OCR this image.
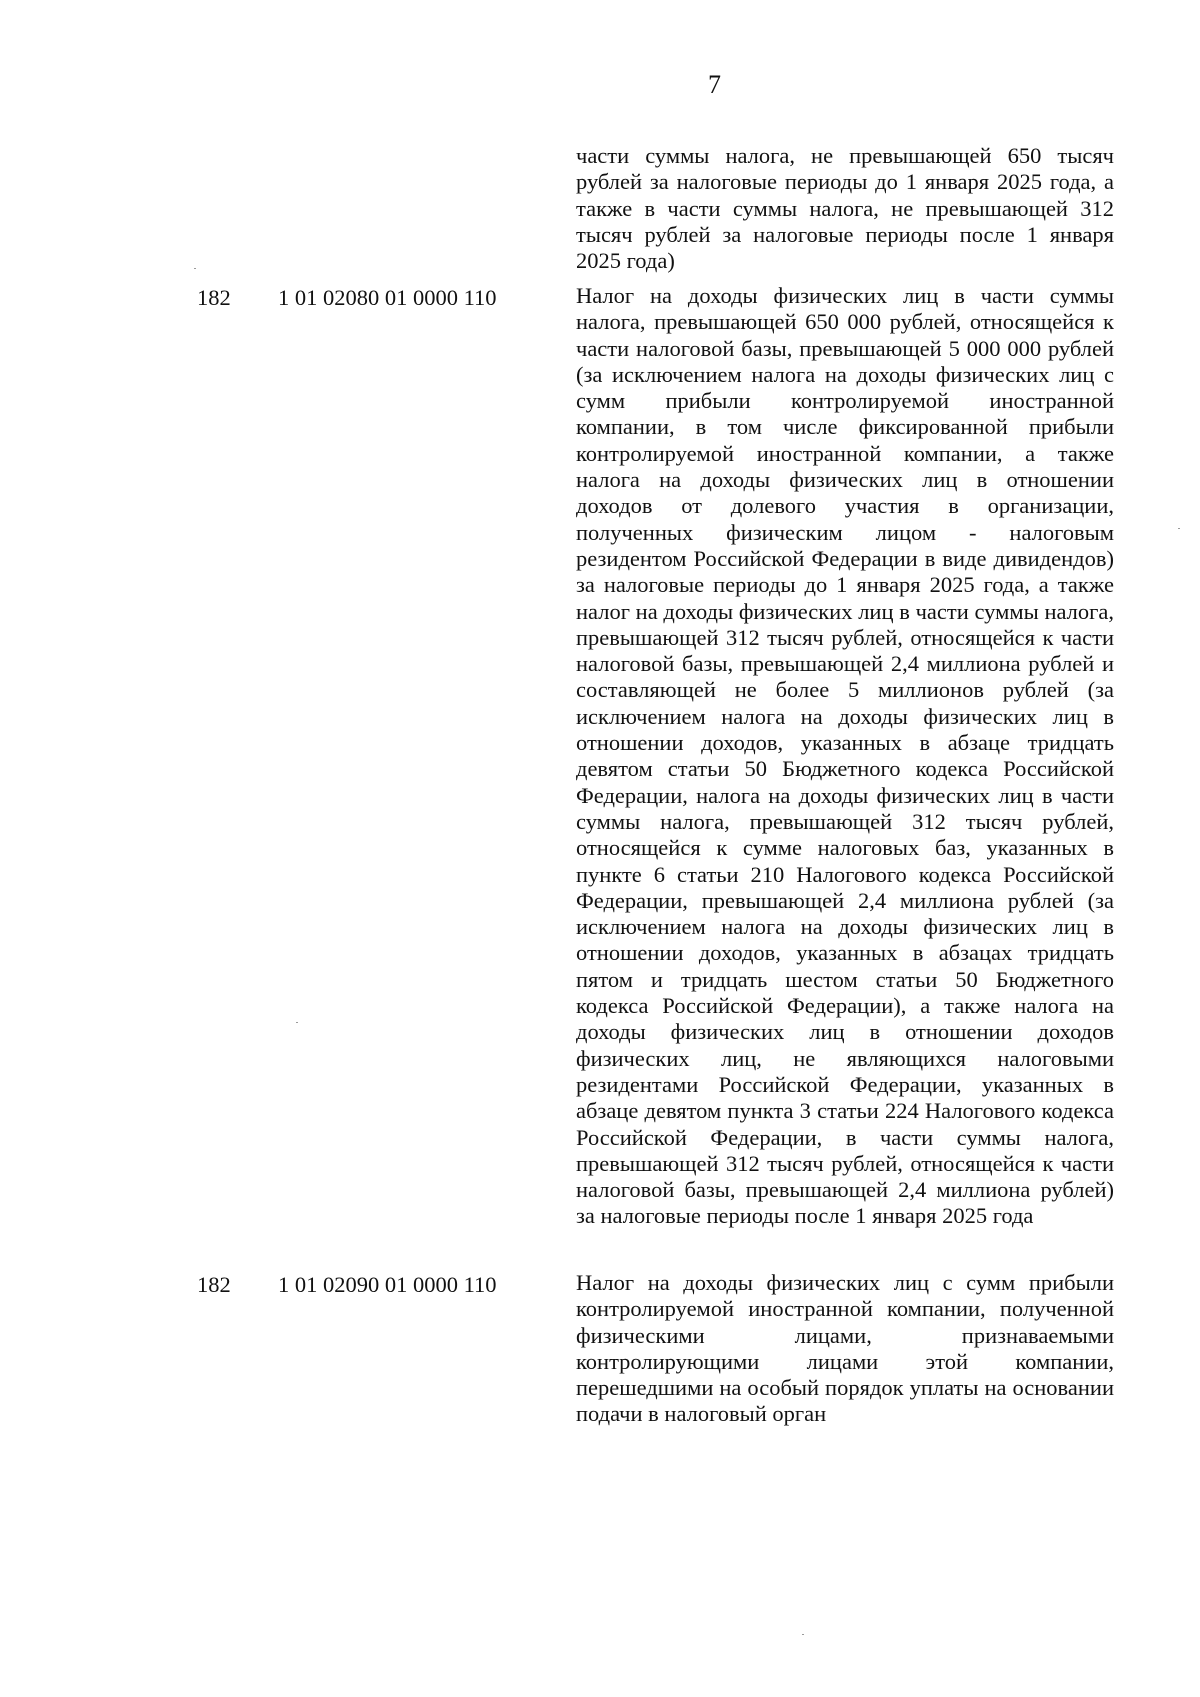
7

части суммы налога, не превышающей 650 тысяч рублей за налоговые периоды до 1 января 2025 года, а также в части суммы налога, не превышающей 312 тысяч рублей за налоговые периоды после 1 января 2025 года)

182 1 01 02080 01 0000 110	Налог на доходы физических лиц в части суммы налога, превышающей 650 000 рублей, относящейся к части налоговой базы, превышающей 5 000 000 рублей (за исключением налога на доходы физических лиц с сумм прибыли контролируемой иностранной компании, в том числе фиксированной прибыли контролируемой иностранной компании, а также налога на доходы физических лиц в отношении доходов от долевого участия в организации, полученных физическим лицом - налоговым резидентом Российской Федерации в виде дивидендов) за налоговые периоды до 1 января 2025 года, а также налог на доходы физических лиц в части суммы налога, превышающей 312 тысяч рублей, относящейся к части налоговой базы, превышающей 2,4 миллиона рублей и составляющей не более 5 миллионов рублей (за исключением налога на доходы физических лиц в отношении доходов, указанных в абзаце тридцать девятом статьи 50 Бюджетного кодекса Российской Федерации, налога на доходы физических лиц в части суммы налога, превышающей 312 тысяч рублей, относящейся к сумме налоговых баз, указанных в пункте 6 статьи 210 Налогового кодекса Российской Федерации, превышающей 2,4 миллиона рублей (за исключением налога на доходы физических лиц в отношении доходов, указанных в абзацах тридцать пятом и тридцать шестом статьи 50 Бюджетного кодекса Российской Федерации), а также налога на доходы физических лиц в отношении доходов физических лиц, не являющихся налоговыми резидентами Российской Федерации, указанных в абзаце девятом пункта 3 статьи 224 Налогового кодекса Российской Федерации, в части суммы налога, превышающей 312 тысяч рублей, относящейся к части налоговой базы, превышающей 2,4 миллиона рублей) за налоговые периоды после 1 января 2025 года

182 1 01 02090 01 0000 110	Налог на доходы физических лиц с сумм прибыли контролируемой иностранной компании, полученной физическими лицами, признаваемыми контролирующими лицами этой компании, перешедшими на особый порядок уплаты на основании подачи в налоговый орган
